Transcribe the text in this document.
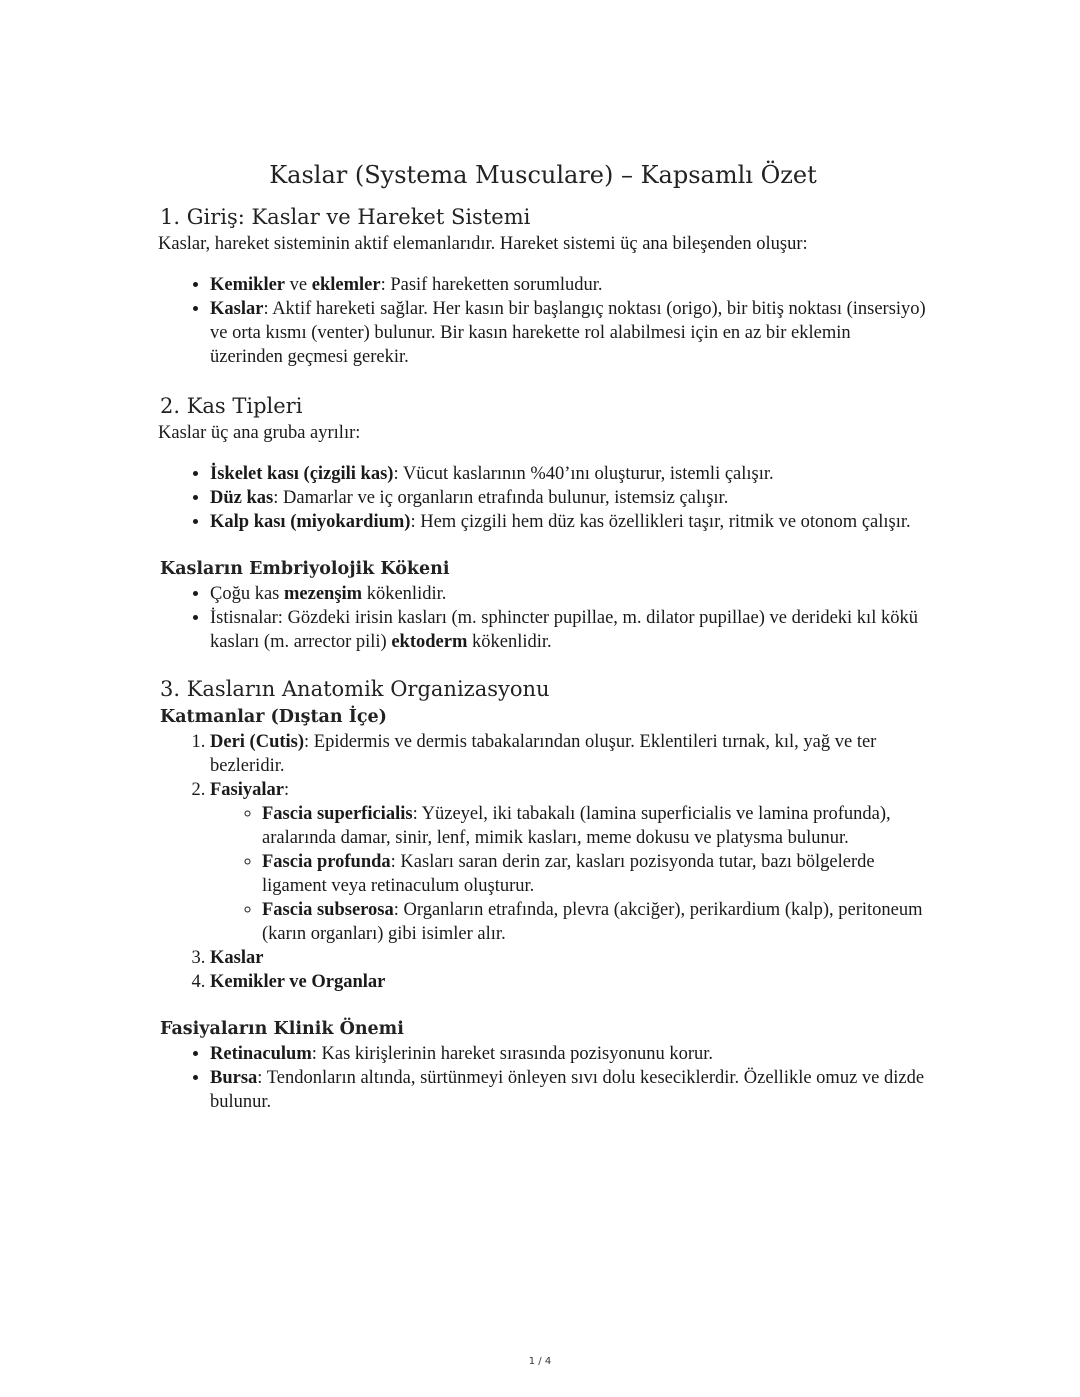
Kaslar (Systema Musculare) – Kapsamlı Özet
1. Giriş: Kaslar ve Hareket Sistemi

Kaslar, hareket sisteminin aktif elemanlarıdır. Hareket sistemi üç ana bileşenden oluşur:

• Kemikler ve eklemler: Pasif hareketten sorumludur.
• Kaslar: Aktif hareketi sağlar. Her kasın bir başlangıç noktası (origo), bir bitiş noktası (insersiyo) ve orta kısmı (venter) bulunur. Bir kasın harekette rol alabilmesi için en az bir eklemin üzerinden geçmesi gerekir.
2. Kas Tipleri

Kaslar üç ana gruba ayrılır:

• İskelet kası (çizgili kas): Vücut kaslarının %40’ını oluşturur, istemli çalışır.
• Düz kas: Damarlar ve iç organların etrafında bulunur, istemsiz çalışır.
• Kalp kası (miyokardium): Hem çizgili hem düz kas özellikleri taşır, ritmik ve otonom çalışır.
Kasların Embriyolojik Kökeni
• Çoğu kas mezenşim kökenlidir.
• İstisnalar: Gözdeki irisin kasları (m. sphincter pupillae, m. dilator pupillae) ve derideki kıl kökü kasları (m. arrector pili) ektoderm kökenlidir.
3. Kasların Anatomik Organizasyonu
Katmanlar (Dıştan İçe)
1. Deri (Cutis): Epidermis ve dermis tabakalarından oluşur. Eklentileri tırnak, kıl, yağ ve ter bezleridir.
2. Fasiyalar:
◦ Fascia superficialis: Yüzeyel, iki tabakalı (lamina superficialis ve lamina profunda), aralarında damar, sinir, lenf, mimik kasları, meme dokusu ve platysma bulunur.
◦ Fascia profunda: Kasları saran derin zar, kasları pozisyonda tutar, bazı bölgelerde ligament veya retinaculum oluşturur.
◦ Fascia subserosa: Organların etrafında, plevra (akciğer), perikardium (kalp), peritoneum (karın organları) gibi isimler alır.
3. Kaslar
4. Kemikler ve Organlar
Fasiyaların Klinik Önemi
• Retinaculum: Kas kirişlerinin hareket sırasında pozisyonunu korur.
• Bursa: Tendonların altında, sürtünmeyi önleyen sıvı dolu keseciklerdir. Özellikle omuz ve dizde bulunur.
1 / 4
